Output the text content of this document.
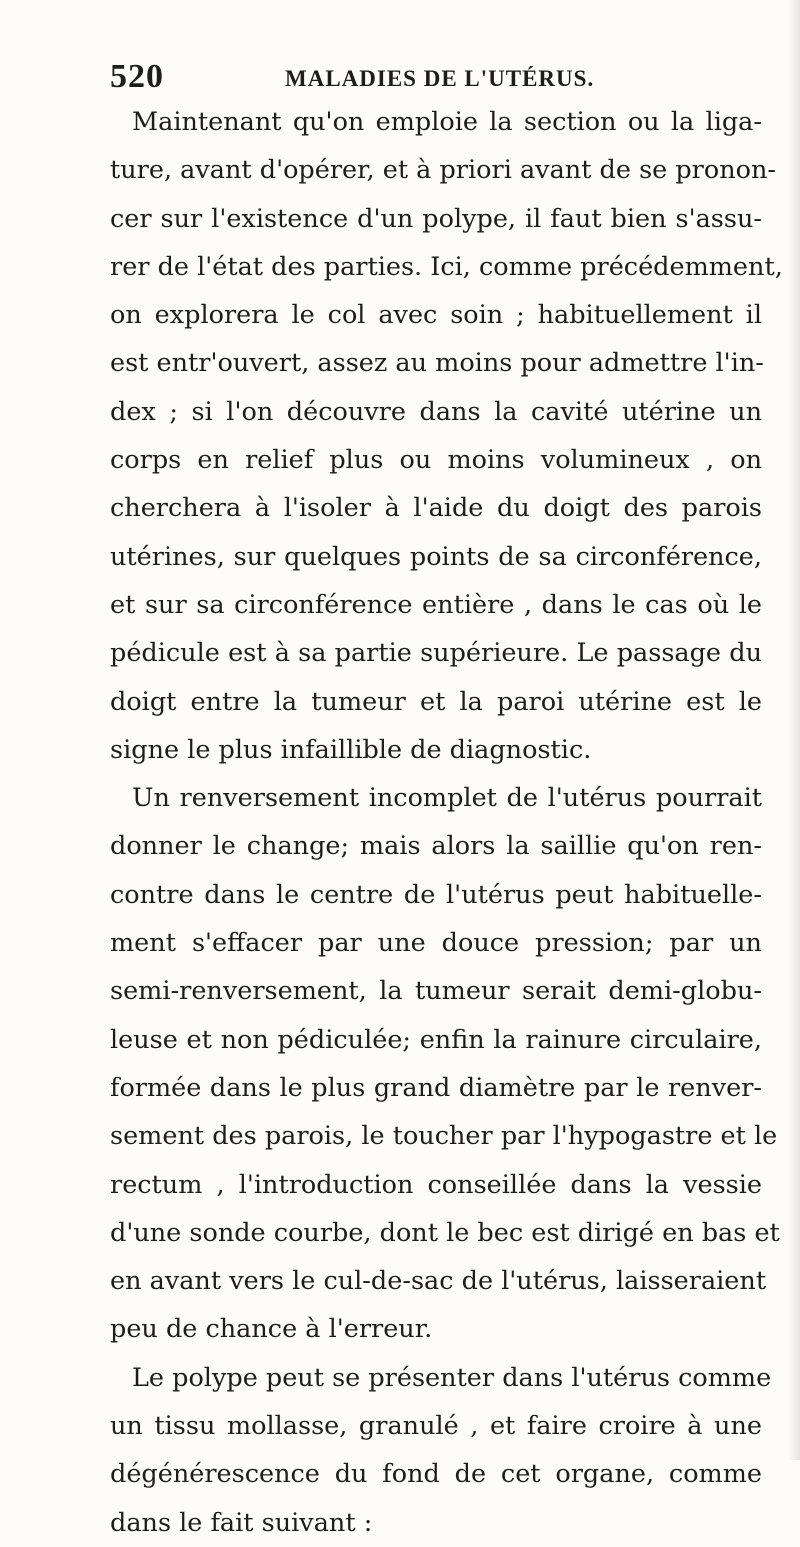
520	MALADIES DE L'UTÉRUS.

Maintenant qu'on emploie la section ou la liga-
ture, avant d'opérer, et à priori avant de se pronon-
cer sur l'existence d'un polype, il faut bien s'assu-
rer de l'état des parties. Ici, comme précédemment,
on explorera le col avec soin ; habituellement il
est entr'ouvert, assez au moins pour admettre l'in-
dex ; si l'on découvre dans la cavité utérine un
corps en relief plus ou moins volumineux , on
cherchera à l'isoler à l'aide du doigt des parois
utérines, sur quelques points de sa circonférence,
et sur sa circonférence entière , dans le cas où le
pédicule est à sa partie supérieure. Le passage du
doigt entre la tumeur et la paroi utérine est le
signe le plus infaillible de diagnostic.

Un renversement incomplet de l'utérus pourrait
donner le change; mais alors la saillie qu'on ren-
contre dans le centre de l'utérus peut habituelle-
ment s'effacer par une douce pression; par un
semi-renversement, la tumeur serait demi-globu-
leuse et non pédiculée; enfin la rainure circulaire,
formée dans le plus grand diamètre par le renver-
sement des parois, le toucher par l'hypogastre et le
rectum , l'introduction conseillée dans la vessie
d'une sonde courbe, dont le bec est dirigé en bas et
en avant vers le cul-de-sac de l'utérus, laisseraient
peu de chance à l'erreur.

Le polype peut se présenter dans l'utérus comme
un tissu mollasse, granulé , et faire croire à une
dégénérescence du fond de cet organe, comme
dans le fait suivant :
